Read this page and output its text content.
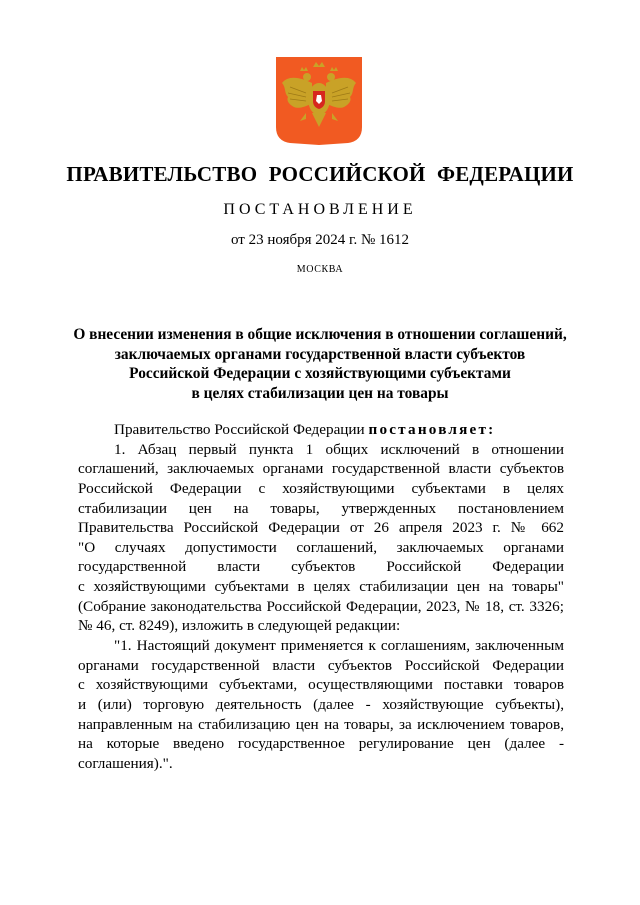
ПРАВИТЕЛЬСТВО РОССИЙСКОЙ ФЕДЕРАЦИИ
ПОСТАНОВЛЕНИЕ
от 23 ноября 2024 г. № 1612
МОСКВА
О внесении изменения в общие исключения в отношении соглашений,
заключаемых органами государственной власти субъектов
Российской Федерации с хозяйствующими субъектами
в целях стабилизации цен на товары
Правительство Российской Федерации постановляет:
1. Абзац первый пункта 1 общих исключений в отношении
соглашений, заключаемых органами государственной власти субъектов
Российской Федерации с хозяйствующими субъектами в целях
стабилизации цен на товары, утвержденных постановлением
Правительства Российской Федерации от 26 апреля 2023 г. № 662
"О случаях допустимости соглашений, заключаемых органами
государственной власти субъектов Российской Федерации
с хозяйствующими субъектами в целях стабилизации цен на товары"
(Собрание законодательства Российской Федерации, 2023, № 18, ст. 3326;
№ 46, ст. 8249), изложить в следующей редакции:
"1. Настоящий документ применяется к соглашениям, заключенным
органами государственной власти субъектов Российской Федерации
с хозяйствующими субъектами, осуществляющими поставки товаров
и (или) торговую деятельность (далее - хозяйствующие субъекты),
направленным на стабилизацию цен на товары, за исключением товаров,
на которые введено государственное регулирование цен (далее -
соглашения).".
